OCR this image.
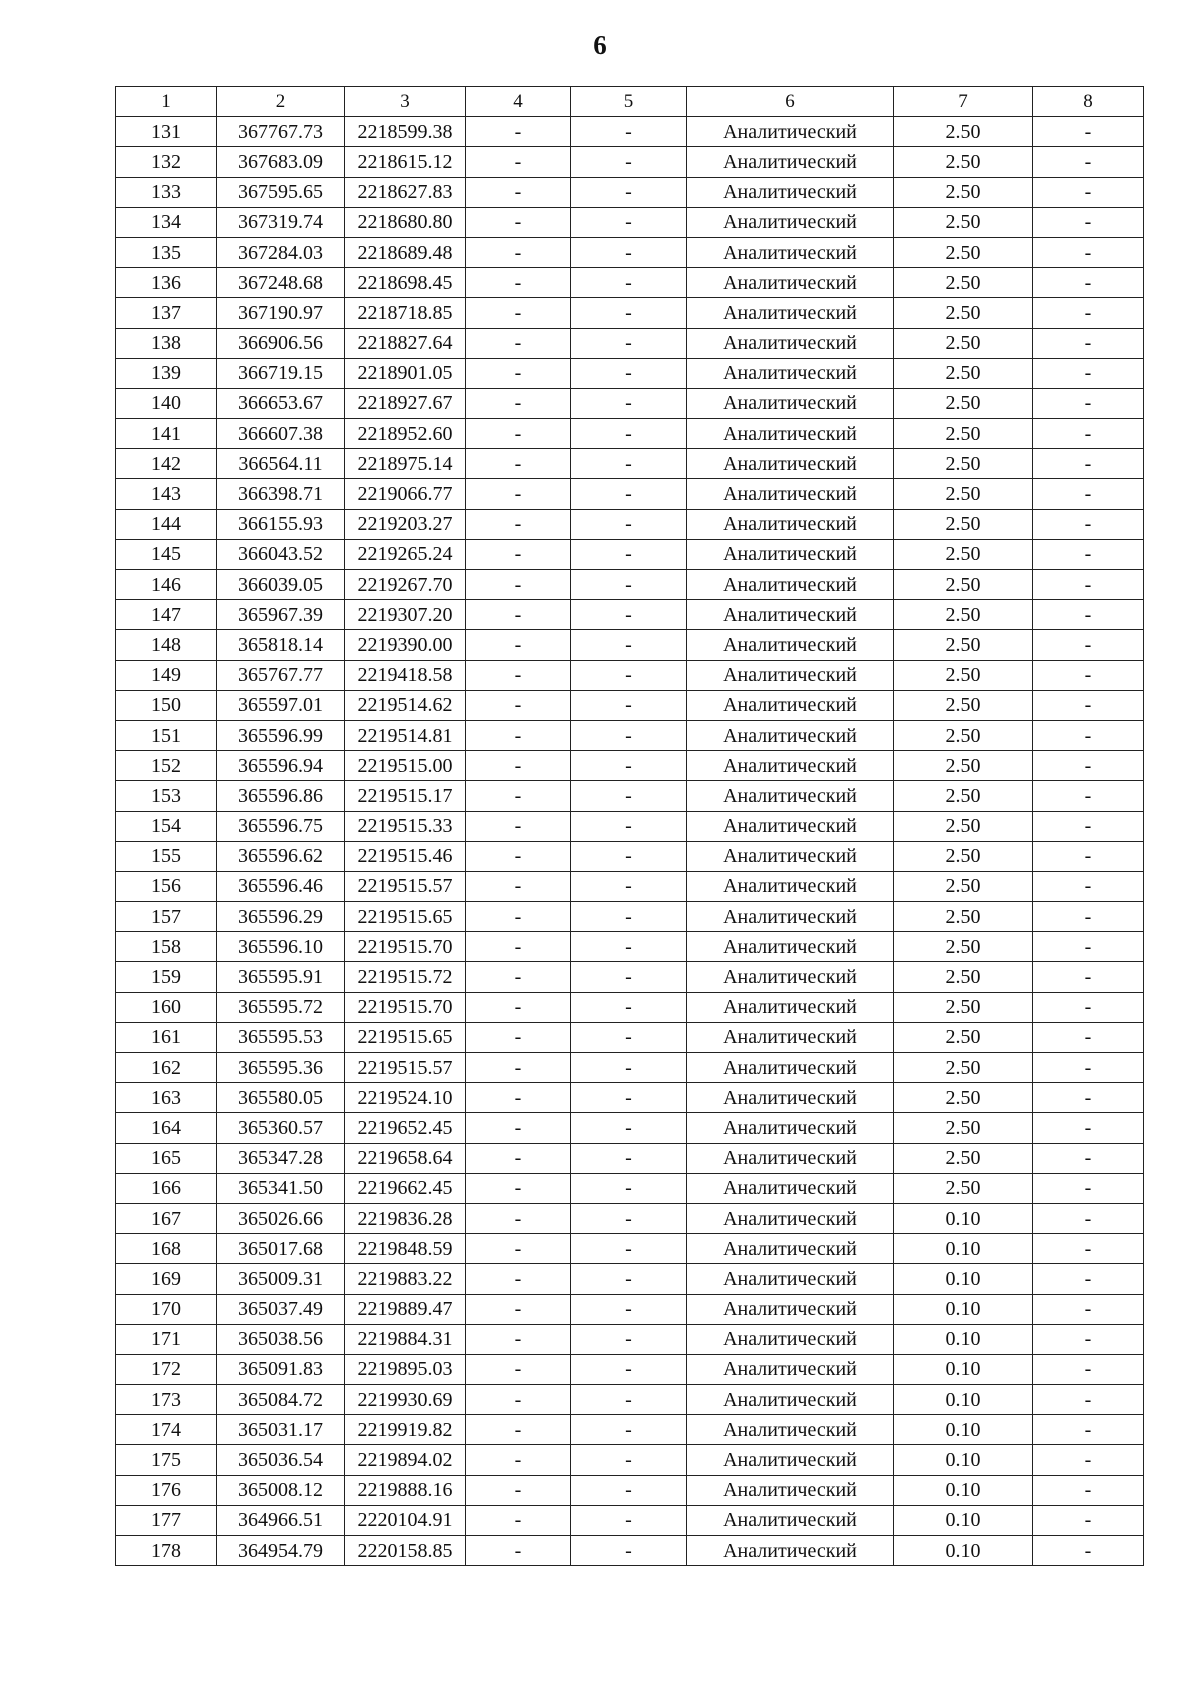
6
1	2	3	4	5	6	7	8
131	367767.73	2218599.38	-	-	Аналитический	2.50	-
132	367683.09	2218615.12	-	-	Аналитический	2.50	-
133	367595.65	2218627.83	-	-	Аналитический	2.50	-
134	367319.74	2218680.80	-	-	Аналитический	2.50	-
135	367284.03	2218689.48	-	-	Аналитический	2.50	-
136	367248.68	2218698.45	-	-	Аналитический	2.50	-
137	367190.97	2218718.85	-	-	Аналитический	2.50	-
138	366906.56	2218827.64	-	-	Аналитический	2.50	-
139	366719.15	2218901.05	-	-	Аналитический	2.50	-
140	366653.67	2218927.67	-	-	Аналитический	2.50	-
141	366607.38	2218952.60	-	-	Аналитический	2.50	-
142	366564.11	2218975.14	-	-	Аналитический	2.50	-
143	366398.71	2219066.77	-	-	Аналитический	2.50	-
144	366155.93	2219203.27	-	-	Аналитический	2.50	-
145	366043.52	2219265.24	-	-	Аналитический	2.50	-
146	366039.05	2219267.70	-	-	Аналитический	2.50	-
147	365967.39	2219307.20	-	-	Аналитический	2.50	-
148	365818.14	2219390.00	-	-	Аналитический	2.50	-
149	365767.77	2219418.58	-	-	Аналитический	2.50	-
150	365597.01	2219514.62	-	-	Аналитический	2.50	-
151	365596.99	2219514.81	-	-	Аналитический	2.50	-
152	365596.94	2219515.00	-	-	Аналитический	2.50	-
153	365596.86	2219515.17	-	-	Аналитический	2.50	-
154	365596.75	2219515.33	-	-	Аналитический	2.50	-
155	365596.62	2219515.46	-	-	Аналитический	2.50	-
156	365596.46	2219515.57	-	-	Аналитический	2.50	-
157	365596.29	2219515.65	-	-	Аналитический	2.50	-
158	365596.10	2219515.70	-	-	Аналитический	2.50	-
159	365595.91	2219515.72	-	-	Аналитический	2.50	-
160	365595.72	2219515.70	-	-	Аналитический	2.50	-
161	365595.53	2219515.65	-	-	Аналитический	2.50	-
162	365595.36	2219515.57	-	-	Аналитический	2.50	-
163	365580.05	2219524.10	-	-	Аналитический	2.50	-
164	365360.57	2219652.45	-	-	Аналитический	2.50	-
165	365347.28	2219658.64	-	-	Аналитический	2.50	-
166	365341.50	2219662.45	-	-	Аналитический	2.50	-
167	365026.66	2219836.28	-	-	Аналитический	0.10	-
168	365017.68	2219848.59	-	-	Аналитический	0.10	-
169	365009.31	2219883.22	-	-	Аналитический	0.10	-
170	365037.49	2219889.47	-	-	Аналитический	0.10	-
171	365038.56	2219884.31	-	-	Аналитический	0.10	-
172	365091.83	2219895.03	-	-	Аналитический	0.10	-
173	365084.72	2219930.69	-	-	Аналитический	0.10	-
174	365031.17	2219919.82	-	-	Аналитический	0.10	-
175	365036.54	2219894.02	-	-	Аналитический	0.10	-
176	365008.12	2219888.16	-	-	Аналитический	0.10	-
177	364966.51	2220104.91	-	-	Аналитический	0.10	-
178	364954.79	2220158.85	-	-	Аналитический	0.10	-
